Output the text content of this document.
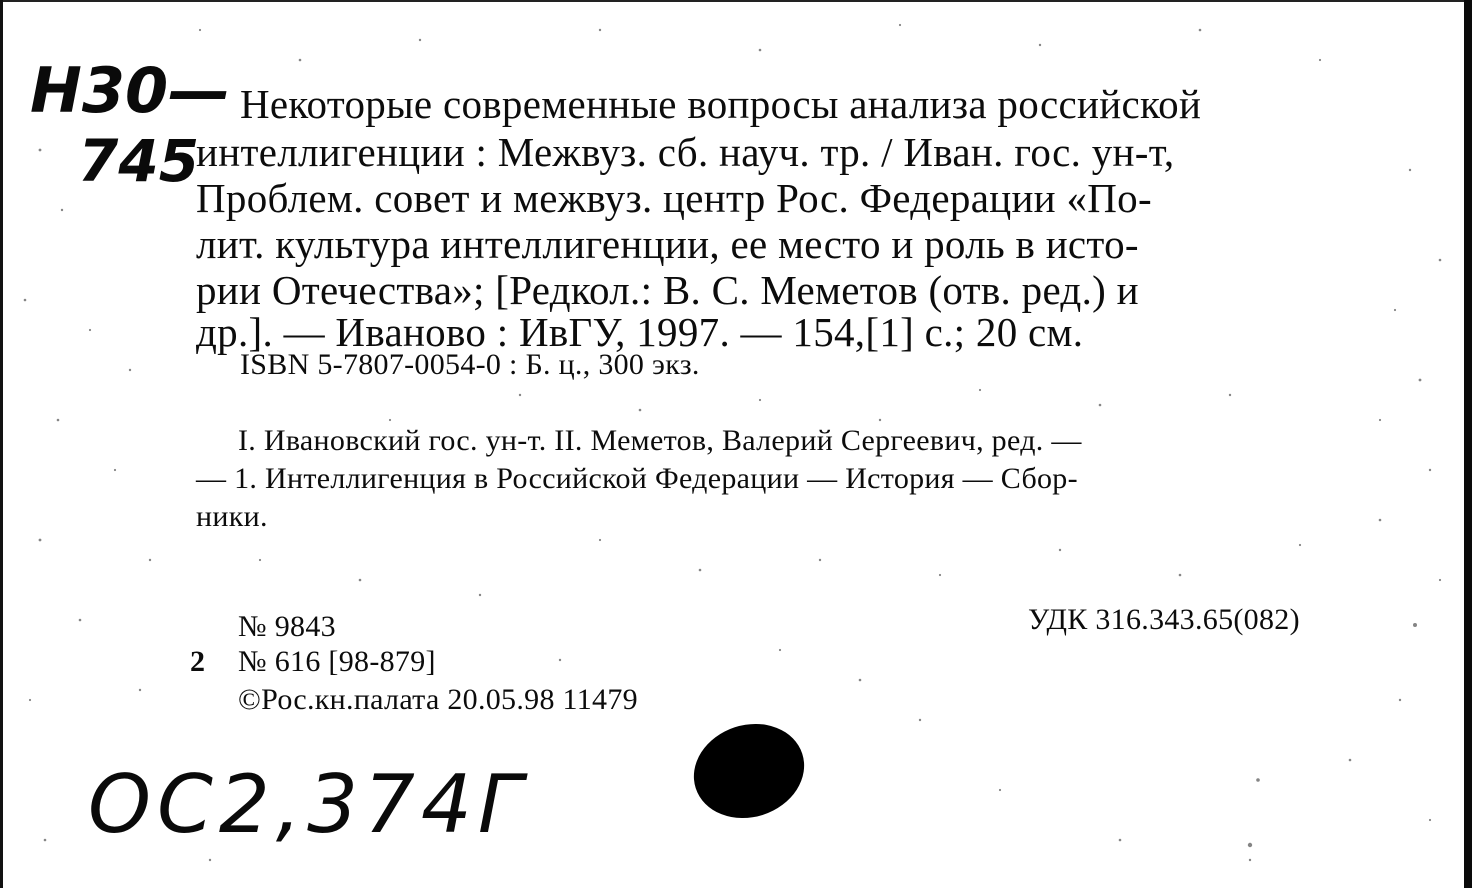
Н30—
745
Некоторые современные вопросы анализа российской
интеллигенции : Межвуз. сб. науч. тр. / Иван. гос. ун-т,
Проблем. совет и межвуз. центр Рос. Федерации «По-
лит. культура интеллигенции, ее место и роль в исто-
рии Отечества»; [Редкол.: В. С. Меметов (отв. ред.) и
др.]. — Иваново : ИвГУ, 1997. — 154,[1] с.; 20 см.
ISBN 5-7807-0054-0 : Б. ц., 300 экз.
I. Ивановский гос. ун-т. II. Меметов, Валерий Сергеевич, ред. —
— 1. Интеллигенция в Российской Федерации — История — Сбор-
ники.
№ 9843	УДК 316.343.65(082)
2 № 616 [98-879]
©Рос.кн.палата 20.05.98 11479
ОС2,374Г
